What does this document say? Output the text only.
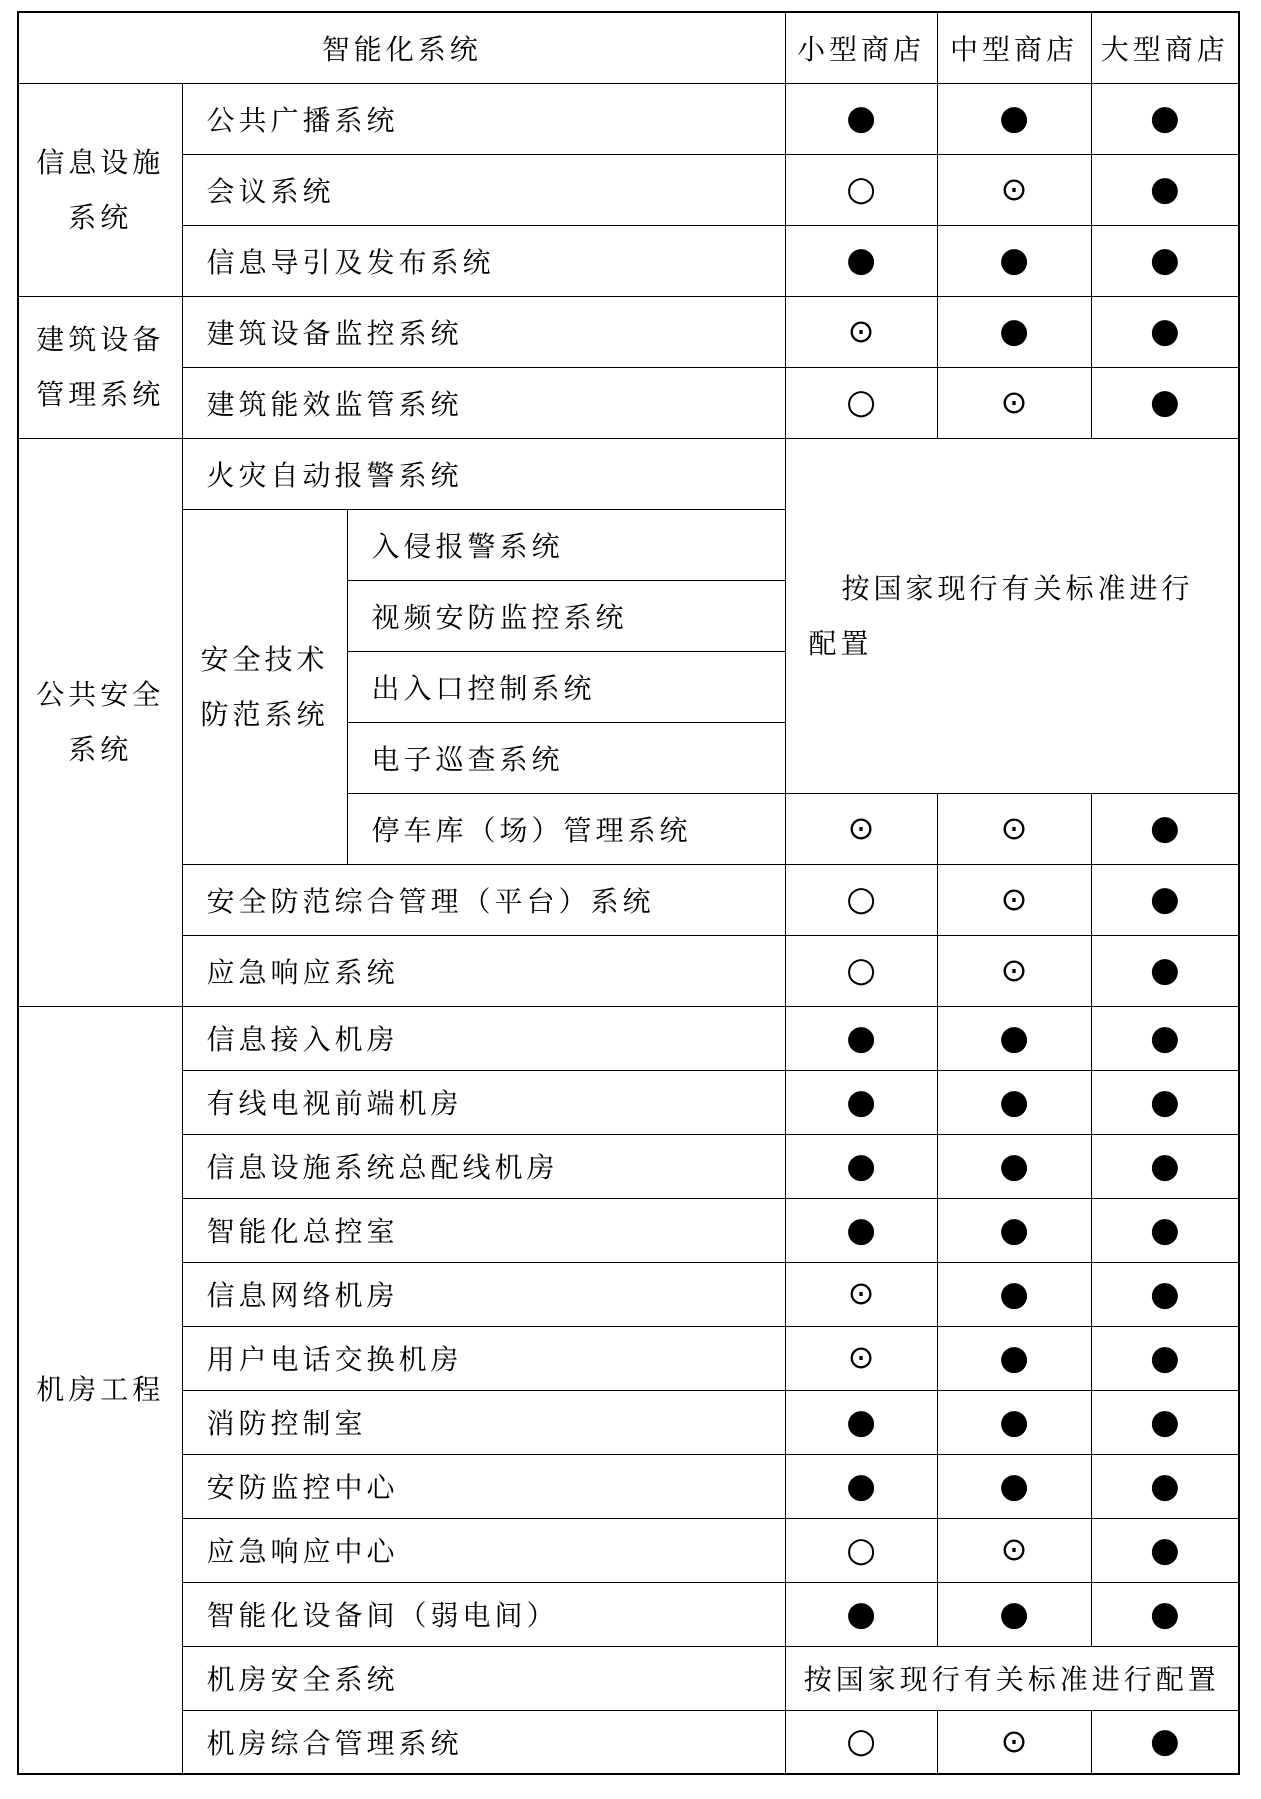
智能化系统			小型商店	中型商店	大型商店

信息设施系统	公共广播系统		●	●	●
	会议系统		○	⊙	●
	信息导引及发布系统		●	●	●

建筑设备管理系统	建筑设备监控系统		⊙	●	●
	建筑能效监管系统		○	⊙	●

公共安全系统	火灾自动报警系统		按国家现行有关标准进行配置		

	安全技术防范系统	入侵报警系统			
		视频安防监控系统			
		出入口控制系统			
		电子巡查系统			
		停车库（场）管理系统	⊙	⊙	●
	安全防范综合管理（平台）系统		○	⊙	●
	应急响应系统		○	⊙	●

机房工程	信息接入机房		●	●	●
	有线电视前端机房		●	●	●
	信息设施系统总配线机房		●	●	●
	智能化总控室		●	●	●
	信息网络机房		⊙	●	●
	用户电话交换机房		⊙	●	●
	消防控制室		●	●	●
	安防监控中心		●	●	●
	应急响应中心		○	⊙	●
	智能化设备间（弱电间）		●	●	●
	机房安全系统		按国家现行有关标准进行配置		
	机房综合管理系统		○	⊙	●
